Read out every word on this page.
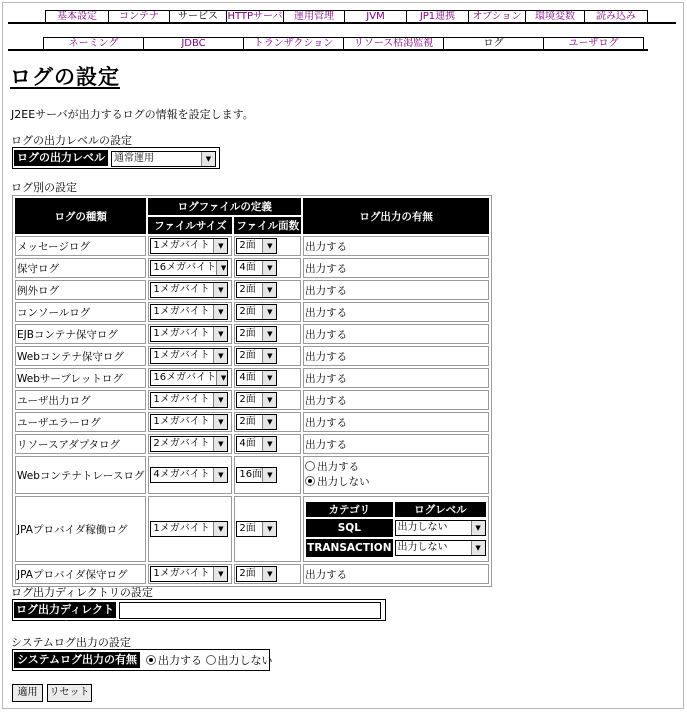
基本設定	コンテナ	サービス HTTPサーバ	運用管理	JVM	JP1連携	オプション	環境変数	読み込み
ネーミング	JDBC	トランザクション	リソース枯渇監視	ログ	ユーザログ
ログの設定
J2EEサーバが出力するログの情報を設定します。
ログの出力レベルの設定
ログの出力レベル 通常運用	▼
ログ別の設定
ログの種類	ログファイルの定義	ログ出力の有無
ファイルサイズ	ファイル面数
メッセージログ	1メガバイト	▼	2面	▼	出力する
保守ログ	16メガバイト ▼	4面	▼	出力する
例外ログ	1メガバイト	▼	2面	▼	出力する
コンソールログ	1メガバイト	▼	2面	▼	出力する
EJBコンテナ保守ログ	1メガバイト	▼	2面	▼	出力する
Webコンテナ保守ログ	1メガバイト	▼	2面	▼	出力する
Webサーブレットログ	16メガバイト ▼	4面	▼	出力する
ユーザ出力ログ	1メガバイト	▼	2面	▼	出力する
ユーザエラーログ	1メガバイト	▼	2面	▼	出力する
リソースアダプタログ	2メガバイト	▼	4面	▼	出力する
Webコンテナトレースログ	4メガバイト	▼	16面 ▼

出力する
出力しない

JPAプロバイダ稼働ログ	1メガバイト	▼	2面	▼

カテゴリ	ログレベル
SQL	出力しない	▼

TRANSACTION	出力しない	▼

JPAプロバイダ保守ログ	1メガバイト	▼	2面	▼	出力する
ログ出力ディレクトリの設定
ログ出力ディレクトリ
システムログ出力の設定
システムログ出力の有無	出力する 出力しない
適用	リセット
